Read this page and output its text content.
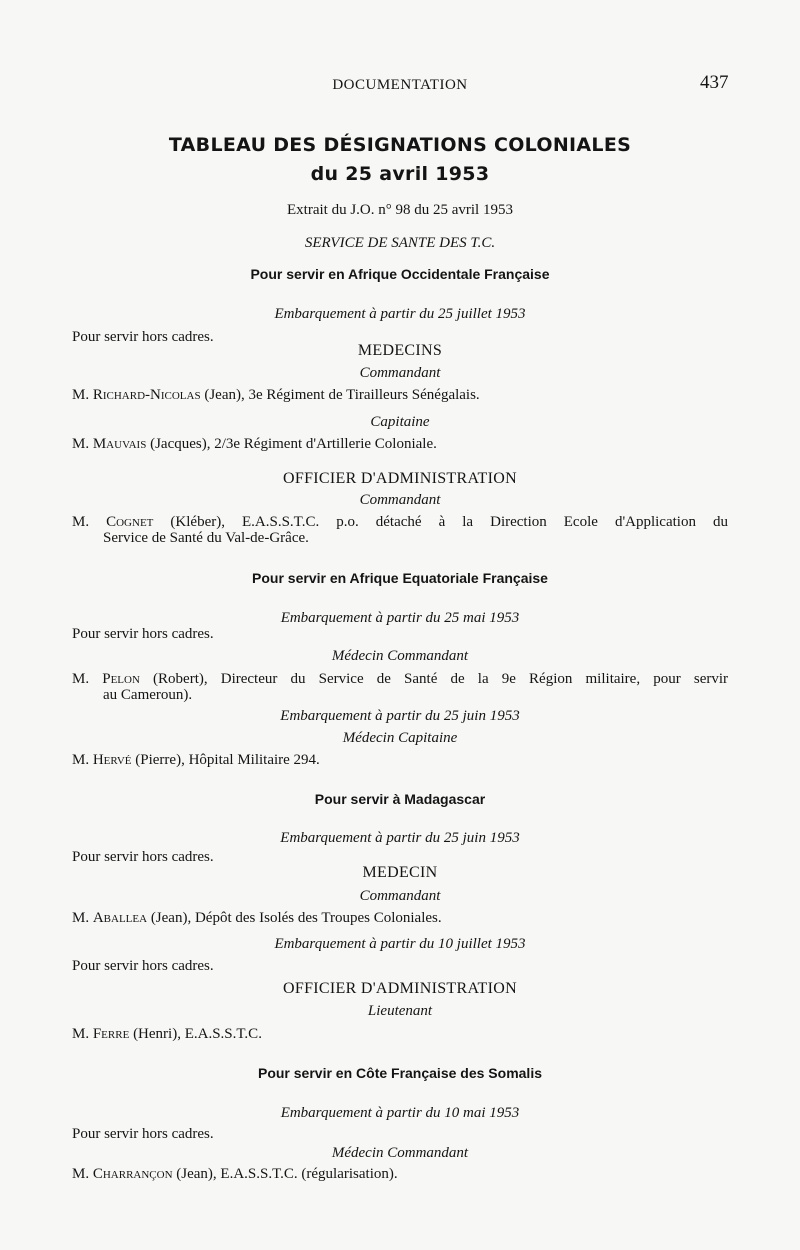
DOCUMENTATION	437
TABLEAU DES DÉSIGNATIONS COLONIALES
du 25 avril 1953
Extrait du J.O. n° 98 du 25 avril 1953
SERVICE DE SANTE DES T.C.
Pour servir en Afrique Occidentale Française
Embarquement à partir du 25 juillet 1953
Pour servir hors cadres.
MEDECINS
Commandant
M. Richard-Nicolas (Jean), 3e Régiment de Tirailleurs Sénégalais.
Capitaine
M. Mauvais (Jacques), 2/3e Régiment d'Artillerie Coloniale.
OFFICIER D'ADMINISTRATION
Commandant
M. Cognet (Kléber), E.A.S.S.T.C. p.o. détaché à la Direction Ecole d'Application du
Service de Santé du Val-de-Grâce.
Pour servir en Afrique Equatoriale Française
Embarquement à partir du 25 mai 1953
Pour servir hors cadres.
Médecin Commandant
M. Pelon (Robert), Directeur du Service de Santé de la 9e Région militaire, pour servir
au Cameroun).
Embarquement à partir du 25 juin 1953
Médecin Capitaine
M. Hervé (Pierre), Hôpital Militaire 294.
Pour servir à Madagascar
Embarquement à partir du 25 juin 1953
Pour servir hors cadres.
MEDECIN
Commandant
M. Aballea (Jean), Dépôt des Isolés des Troupes Coloniales.
Embarquement à partir du 10 juillet 1953
Pour servir hors cadres.
OFFICIER D'ADMINISTRATION
Lieutenant
M. Ferre (Henri), E.A.S.S.T.C.
Pour servir en Côte Française des Somalis
Embarquement à partir du 10 mai 1953
Pour servir hors cadres.
Médecin Commandant
M. Charrançon (Jean), E.A.S.S.T.C. (régularisation).
